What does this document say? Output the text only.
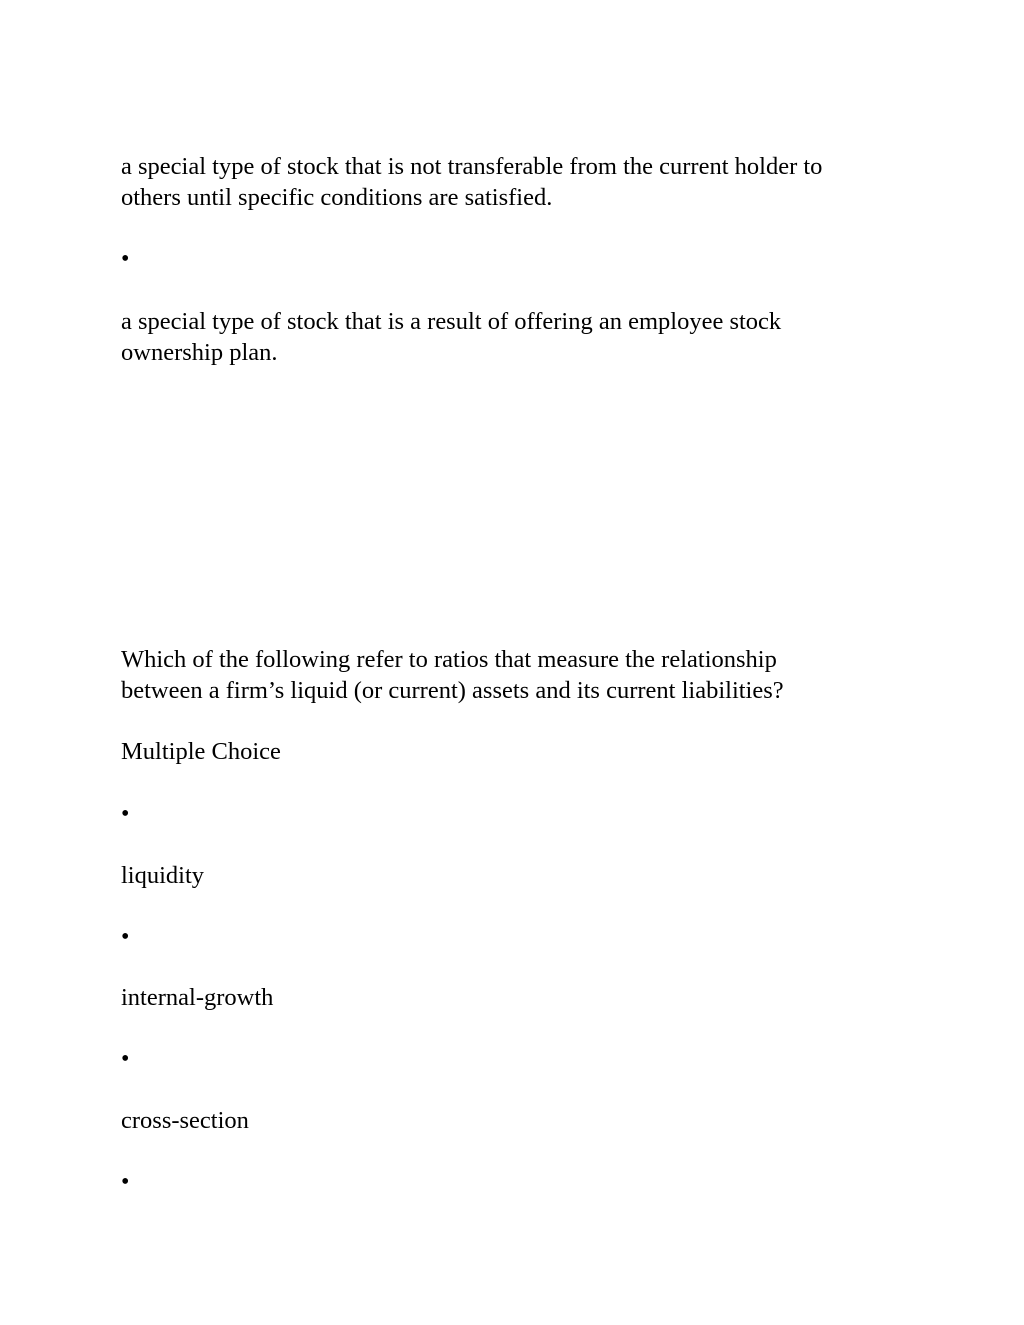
a special type of stock that is not transferable from the current holder to

others until specific conditions are satisfied.

•

a special type of stock that is a result of offering an employee stock

ownership plan.

Which of the following refer to ratios that measure the relationship

between a firm’s liquid (or current) assets and its current liabilities?

Multiple Choice

•

liquidity

•

internal-growth

•

cross-section

•
